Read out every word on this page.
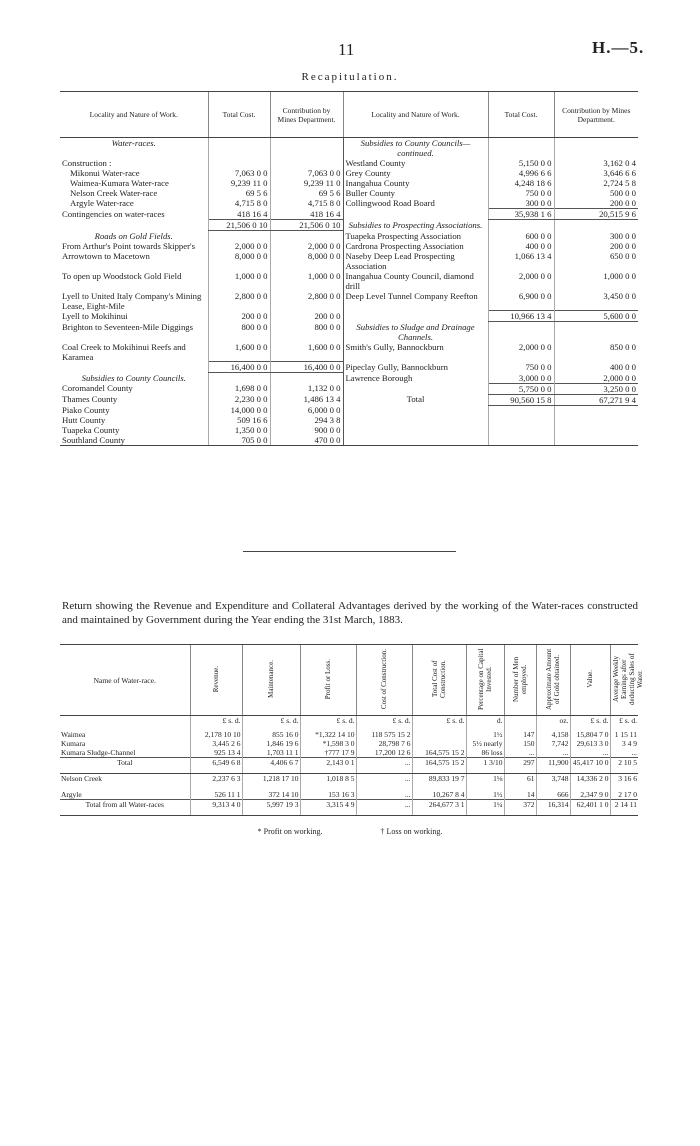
11	H.—5.
Recapitulation.
Locality and Nature of Work.	Total Cost.	Contribution by Mines Department.	Locality and Nature of Work.	Total Cost.	Contribution by Mines Department.
Water-races.			Subsidies to County Councils—continued.		
Construction :			Westland County	5,150 0 0	3,162 0 4
Mikonui Water-race	7,063 0 0	7,063 0 0	Grey County	4,996 6 6	3,646 6 6
Waimea-Kumara Water-race	9,239 11 0	9,239 11 0	Inangahua County	4,248 18 6	2,724 5 8
Nelson Creek Water-race	69 5 6	69 5 6	Buller County	750 0 0	500 0 0
Argyle Water-race	4,715 8 0	4,715 8 0	Collingwood Road Board	300 0 0	200 0 0
Contingencies on water-races	418 16 4	418 16 4		35,938 1 6	20,515 9 6
	21,506 0 10	21,506 0 10	Subsidies to Prospecting Associations.		
Roads on Gold Fields.			Tuapeka Prospecting Association	600 0 0	300 0 0
From Arthur's Point towards Skipper's	2,000 0 0	2,000 0 0	Cardrona Prospecting Association	400 0 0	200 0 0
Arrowtown to Macetown	8,000 0 0	8,000 0 0	Naseby Deep Lead Prospecting Association	1,066 13 4	650 0 0
To open up Woodstock Gold Field	1,000 0 0	1,000 0 0	Inangahua County Council, diamond drill	2,000 0 0	1,000 0 0
Lyell to United Italy Company's Mining Lease, Eight-Mile	2,800 0 0	2,800 0 0	Deep Level Tunnel Company Reefton	6,900 0 0	3,450 0 0
Lyell to Mokihinui	200 0 0	200 0 0		10,966 13 4	5,600 0 0
Brighton to Seventeen-Mile Diggings	800 0 0	800 0 0	Subsidies to Sludge and Drainage Channels.		
Coal Creek to Mokihinui Reefs and Karamea	1,600 0 0	1,600 0 0	Smith's Gully, Bannockburn	2,000 0 0	850 0 0
	16,400 0 0	16,400 0 0	Pipeclay Gully, Bannockburn	750 0 0	400 0 0
Subsidies to County Councils.			Lawrence Borough	3,000 0 0	2,000 0 0
Coromandel County	1,698 0 0	1,132 0 0		5,750 0 0	3,250 0 0
Thames County	2,230 0 0	1,486 13 4	Total	90,560 15 8	67,271 9 4
Piako County	14,000 0 0	6,000 0 0			
Hutt County	509 16 6	294 3 8			
Tuapeka County	1,350 0 0	900 0 0			
Southland County	705 0 0	470 0 0			
Return showing the Revenue and Expenditure and Collateral Advantages derived by the working of the Water-races constructed and maintained by Government during the Year ending the 31st March, 1883.
Name of Water-race.	Revenue.	Maintenance.	Profit or Loss.	Cost of Construction.	Total Cost of Construction.	Percentage on Capital Invested.	Number of Men employed.	Approximate Amount of Gold obtained.	Value.	Average Weekly Earnings after deducting Sales of Water.
	£ s. d.	£ s. d.	£ s. d.	£ s. d.	£ s. d.	d.		oz.	£ s. d.	£ s. d.
Waimea	2,178 10 10	855 16 0	*1,322 14 10	118 575 15 2		1½	147	4,158	15,804 7 0	1 15 11
Kumara	3,445 2 6	1,846 19 6	*1,598 3 0	28,798 7 6		5½ nearly	150	7,742	29,613 3 0	3 4 9
Kumara Sludge-Channel	925 13 4	1,703 11 1	†777 17 9	17,200 12 6	164,575 15 2	86 loss	...	...	...	...
Total	6,549 6 8	4,406 6 7	2,143 0 1	...	164,575 15 2	1 3/10	297	11,900	45,417 10 0	2 10 5
Nelson Creek	2,237 6 3	1,218 17 10	1,018 8 5	...	89,833 19 7	1⅛	61	3,748	14,336 2 0	3 16 6
Argyle	526 11 1	372 14 10	153 16 3	...	10,267 8 4	1½	14	666	2,347 9 0	2 17 0
Total from all Water-races	9,313 4 0	5,997 19 3	3,315 4 9	...	264,677 3 1	1¼	372	16,314	62,401 1 0	2 14 11
* Profit on working.	† Loss on working.
